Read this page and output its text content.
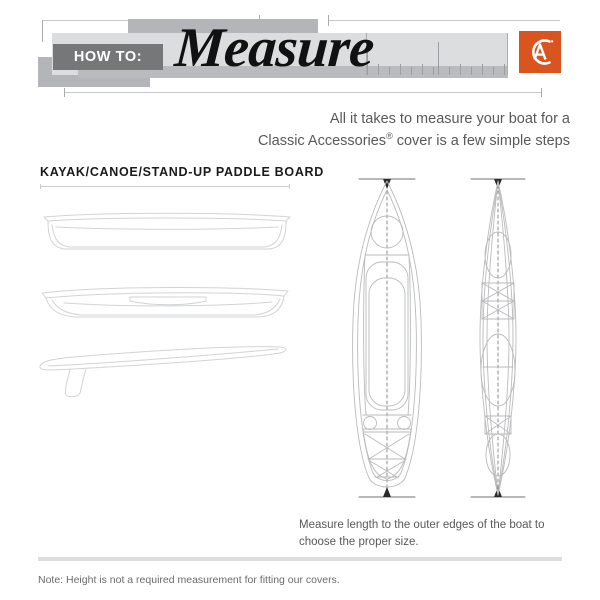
HOW TO: Measure
All it takes to measure your boat for a
Classic Accessories® cover is a few simple steps
KAYAK/CANOE/STAND-UP PADDLE BOARD
Measure length to the outer edges of the boat to choose the proper size.
Note: Height is not a required measurement for fitting our covers.
